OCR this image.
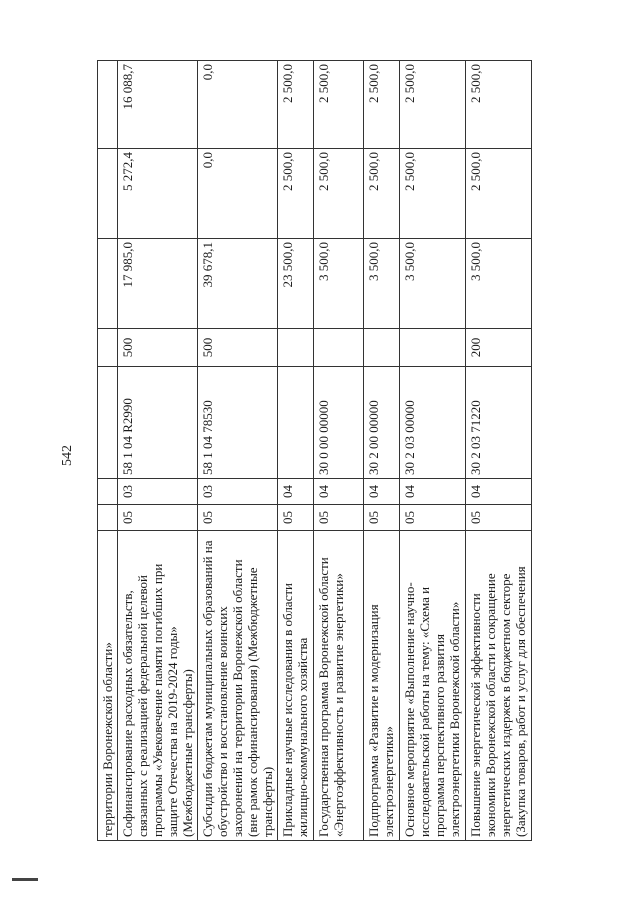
542
территории Воронежской области»							
Софинансирование расходных обязательств, связанных с реализацией федеральной целевой программы «Увековечение памяти погибших при защите Отечества на 2019-2024 годы» (Межбюджетные трансферты)	05	03	58 1 04 R2990	500	17 985,0	5 272,4	16 088,7
Субсидии бюджетам муниципальных образований на обустройство и восстановление воинских захоронений на территории Воронежской области (вне рамок софинансирования) (Межбюджетные трансферты)	05	03	58 1 04 78530	500	39 678,1	0,0	0,0
Прикладные научные исследования в области жилищно-коммунального хозяйства	05	04			23 500,0	2 500,0	2 500,0
Государственная программа Воронежской области «Энергоэффективность и развитие энергетики»	05	04	30 0 00 00000		3 500,0	2 500,0	2 500,0
Подпрограмма «Развитие и модернизация электроэнергетики»	05	04	30 2 00 00000		3 500,0	2 500,0	2 500,0
Основное мероприятие «Выполнение научно-исследовательской работы на тему: «Схема и программа перспективного развития электроэнергетики Воронежской области»	05	04	30 2 03 00000		3 500,0	2 500,0	2 500,0
Повышение энергетической эффективности экономики Воронежской области и сокращение энергетических издержек в бюджетном секторе (Закупка товаров, работ и услуг для обеспечения	05	04	30 2 03 71220	200	3 500,0	2 500,0	2 500,0
